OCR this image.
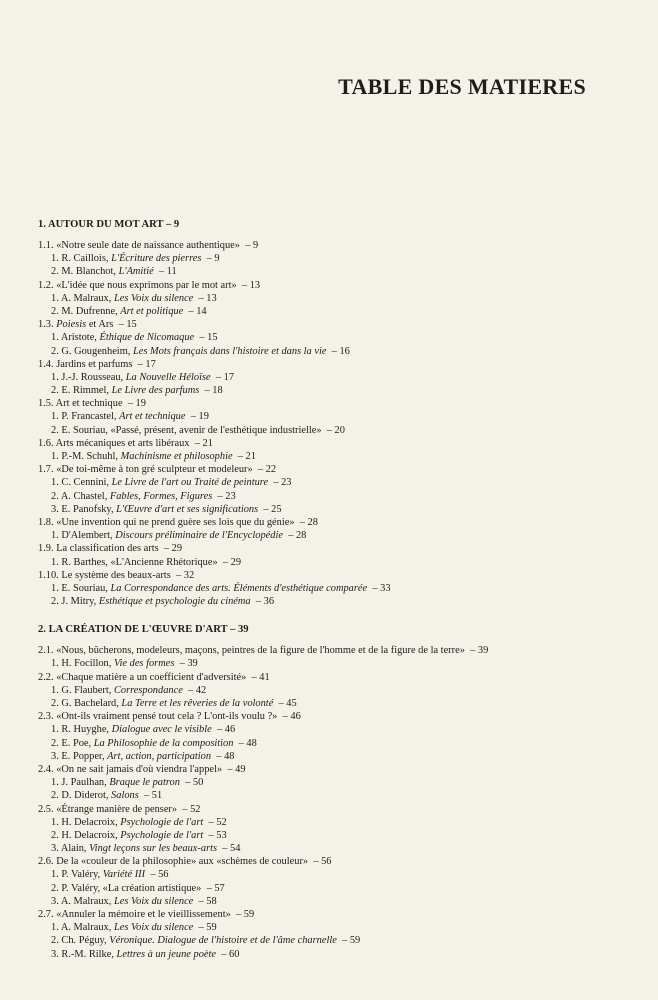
TABLE DES MATIERES
1. AUTOUR DU MOT ART – 9
1.1. «Notre seule date de naissance authentique» – 9
1. R. Caillois, L'Écriture des pierres – 9
2. M. Blanchot, L'Amitié – 11
1.2. «L'idée que nous exprimons par le mot art» – 13
1. A. Malraux, Les Voix du silence – 13
2. M. Dufrenne, Art et politique – 14
1.3. Poiesis et Ars – 15
1. Aristote, Éthique de Nicomaque – 15
2. G. Gougenheim, Les Mots français dans l'histoire et dans la vie – 16
1.4. Jardins et parfums – 17
1. J.-J. Rousseau, La Nouvelle Héloïse – 17
2. E. Rimmel, Le Livre des parfums – 18
1.5. Art et technique – 19
1. P. Francastel, Art et technique – 19
2. E. Souriau, «Passé, présent, avenir de l'esthétique industrielle» – 20
1.6. Arts mécaniques et arts libéraux – 21
1. P.-M. Schuhl, Machinisme et philosophie – 21
1.7. «De toi-même à ton gré sculpteur et modeleur» – 22
1. C. Cennini, Le Livre de l'art ou Traité de peinture – 23
2. A. Chastel, Fables, Formes, Figures – 23
3. E. Panofsky, L'Œuvre d'art et ses significations – 25
1.8. «Une invention qui ne prend guère ses lois que du génie» – 28
1. D'Alembert, Discours préliminaire de l'Encyclopédie – 28
1.9. La classification des arts – 29
1. R. Barthes, «L'Ancienne Rhétorique» – 29
1.10. Le système des beaux-arts – 32
1. E. Souriau, La Correspondance des arts. Éléments d'esthétique comparée – 33
2. J. Mitry, Esthétique et psychologie du cinéma – 36
2. LA CRÉATION DE L'ŒUVRE D'ART – 39
2.1. «Nous, bûcherons, modeleurs, maçons, peintres de la figure de l'homme et de la figure de la terre» – 39
1. H. Focillon, Vie des formes – 39
2.2. «Chaque matière a un coefficient d'adversité» – 41
1. G. Flaubert, Correspondance – 42
2. G. Bachelard, La Terre et les rêveries de la volonté – 45
2.3. «Ont-ils vraiment pensé tout cela ? L'ont-ils voulu ?» – 46
1. R. Huyghe, Dialogue avec le visible – 46
2. E. Poe, La Philosophie de la composition – 48
3. E. Popper, Art, action, participation – 48
2.4. «On ne sait jamais d'où viendra l'appel» – 49
1. J. Paulhan, Braque le patron – 50
2. D. Diderot, Salons – 51
2.5. «Étrange manière de penser» – 52
1. H. Delacroix, Psychologie de l'art – 52
2. H. Delacroix, Psychologie de l'art – 53
3. Alain, Vingt leçons sur les beaux-arts – 54
2.6. De la «couleur de la philosophie» aux «schèmes de couleur» – 56
1. P. Valéry, Variété III – 56
2. P. Valéry, «La création artistique» – 57
3. A. Malraux, Les Voix du silence – 58
2.7. «Annuler la mémoire et le vieillissement» – 59
1. A. Malraux, Les Voix du silence – 59
2. Ch. Péguy, Véronique. Dialogue de l'histoire et de l'âme charnelle – 59
3. R.-M. Rilke, Lettres à un jeune poète – 60
